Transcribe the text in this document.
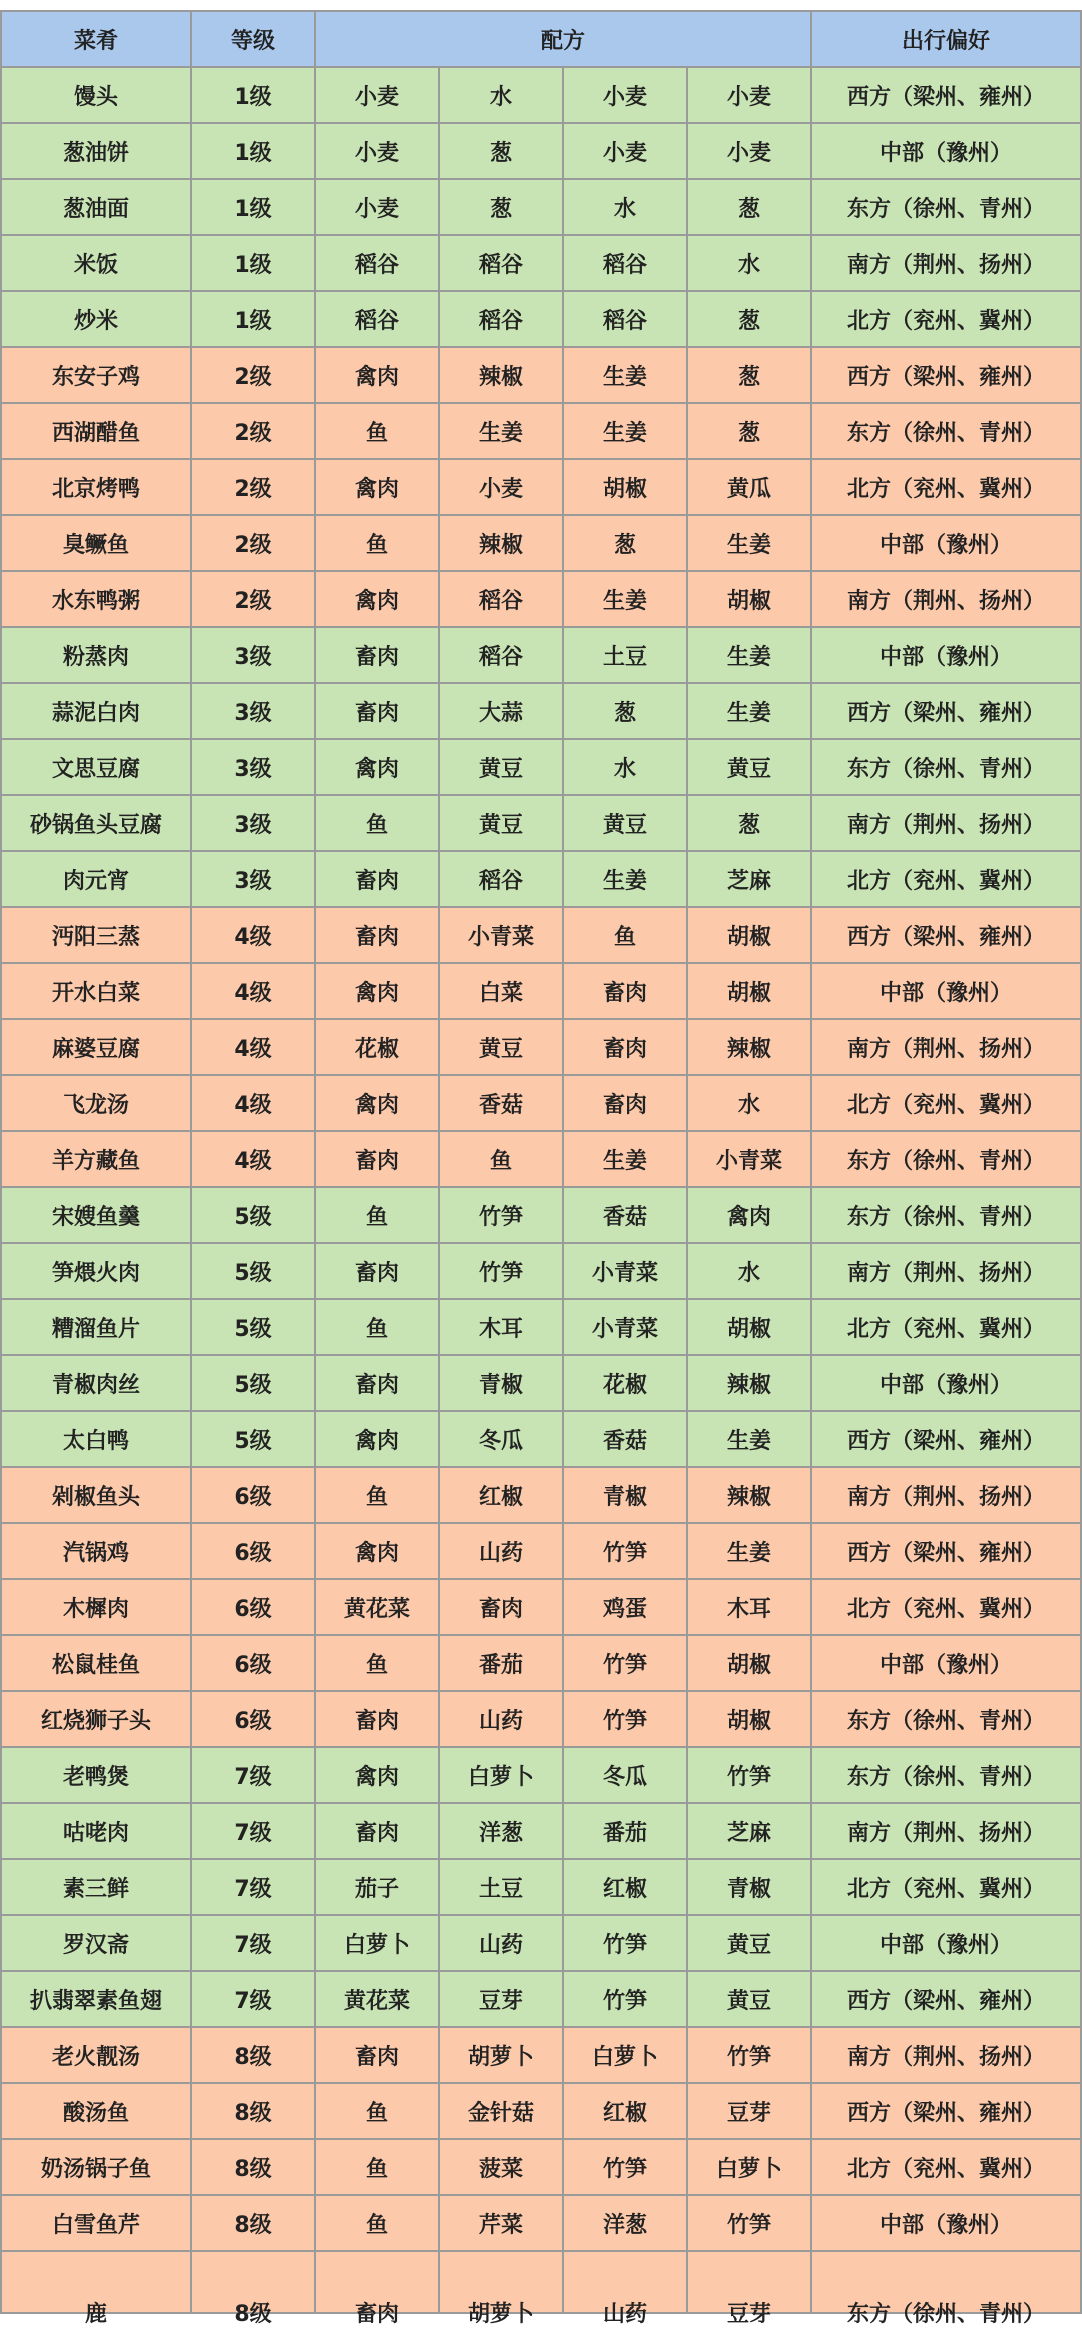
菜肴	等级	配方				出行偏好
馒头	1级	小麦	水	小麦	小麦	西方（梁州、雍州）
葱油饼	1级	小麦	葱	小麦	小麦	中部（豫州）
葱油面	1级	小麦	葱	水	葱	东方（徐州、青州）
米饭	1级	稻谷	稻谷	稻谷	水	南方（荆州、扬州）
炒米	1级	稻谷	稻谷	稻谷	葱	北方（兖州、冀州）
东安子鸡	2级	禽肉	辣椒	生姜	葱	西方（梁州、雍州）
西湖醋鱼	2级	鱼	生姜	生姜	葱	东方（徐州、青州）
北京烤鸭	2级	禽肉	小麦	胡椒	黄瓜	北方（兖州、冀州）
臭鳜鱼	2级	鱼	辣椒	葱	生姜	中部（豫州）
水东鸭粥	2级	禽肉	稻谷	生姜	胡椒	南方（荆州、扬州）
粉蒸肉	3级	畜肉	稻谷	土豆	生姜	中部（豫州）
蒜泥白肉	3级	畜肉	大蒜	葱	生姜	西方（梁州、雍州）
文思豆腐	3级	禽肉	黄豆	水	黄豆	东方（徐州、青州）
砂锅鱼头豆腐	3级	鱼	黄豆	黄豆	葱	南方（荆州、扬州）
肉元宵	3级	畜肉	稻谷	生姜	芝麻	北方（兖州、冀州）
沔阳三蒸	4级	畜肉	小青菜	鱼	胡椒	西方（梁州、雍州）
开水白菜	4级	禽肉	白菜	畜肉	胡椒	中部（豫州）
麻婆豆腐	4级	花椒	黄豆	畜肉	辣椒	南方（荆州、扬州）
飞龙汤	4级	禽肉	香菇	畜肉	水	北方（兖州、冀州）
羊方藏鱼	4级	畜肉	鱼	生姜	小青菜	东方（徐州、青州）
宋嫂鱼羹	5级	鱼	竹笋	香菇	禽肉	东方（徐州、青州）
笋煨火肉	5级	畜肉	竹笋	小青菜	水	南方（荆州、扬州）
糟溜鱼片	5级	鱼	木耳	小青菜	胡椒	北方（兖州、冀州）
青椒肉丝	5级	畜肉	青椒	花椒	辣椒	中部（豫州）
太白鸭	5级	禽肉	冬瓜	香菇	生姜	西方（梁州、雍州）
剁椒鱼头	6级	鱼	红椒	青椒	辣椒	南方（荆州、扬州）
汽锅鸡	6级	禽肉	山药	竹笋	生姜	西方（梁州、雍州）
木樨肉	6级	黄花菜	畜肉	鸡蛋	木耳	北方（兖州、冀州）
松鼠桂鱼	6级	鱼	番茄	竹笋	胡椒	中部（豫州）
红烧狮子头	6级	畜肉	山药	竹笋	胡椒	东方（徐州、青州）
老鸭煲	7级	禽肉	白萝卜	冬瓜	竹笋	东方（徐州、青州）
咕咾肉	7级	畜肉	洋葱	番茄	芝麻	南方（荆州、扬州）
素三鲜	7级	茄子	土豆	红椒	青椒	北方（兖州、冀州）
罗汉斋	7级	白萝卜	山药	竹笋	黄豆	中部（豫州）
扒翡翠素鱼翅	7级	黄花菜	豆芽	竹笋	黄豆	西方（梁州、雍州）
老火靓汤	8级	畜肉	胡萝卜	白萝卜	竹笋	南方（荆州、扬州）
酸汤鱼	8级	鱼	金针菇	红椒	豆芽	西方（梁州、雍州）
奶汤锅子鱼	8级	鱼	菠菜	竹笋	白萝卜	北方（兖州、冀州）
白雪鱼芹	8级	鱼	芹菜	洋葱	竹笋	中部（豫州）
鹿	8级	畜肉	胡萝卜	山药	豆芽	东方（徐州、青州）
